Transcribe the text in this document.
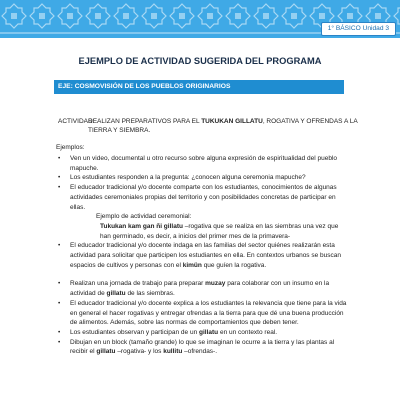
1° BÁSICO Unidad 3
EJEMPLO DE ACTIVIDAD SUGERIDA DEL PROGRAMA
EJE: COSMOVISIÓN DE LOS PUEBLOS ORIGINARIOS
ACTIVIDAD:
REALIZAN PREPARATIVOS PARA EL TUKUKAN GILLATU, ROGATIVA Y OFRENDAS A LA TIERRA Y SIEMBRA.
Ejemplos:
• Ven un video, documental u otro recurso sobre alguna expresión de espiritualidad del pueblo mapuche.
• Los estudiantes responden a la pregunta: ¿conocen alguna ceremonia mapuche?
• El educador tradicional y/o docente comparte con los estudiantes, conocimientos de algunas actividades ceremoniales propias del territorio y con posibilidades concretas de participar en ellas.
Ejemplo de actividad ceremonial:
Tukukan kam gan ñi gillatu –rogativa que se realiza en las siembras una vez que han germinado, es decir, a inicios del primer mes de la primavera-
• El educador tradicional y/o docente indaga en las familias del sector quiénes realizarán esta actividad para solicitar que participen los estudiantes en ella. En contextos urbanos se buscan espacios de cultivos y personas con el kimün que guíen la rogativa.
• Realizan una jornada de trabajo para preparar muzay para colaborar con un insumo en la actividad de gillatu de las siembras.
• El educador tradicional y/o docente explica a los estudiantes la relevancia que tiene para la vida en general el hacer rogativas y entregar ofrendas a la tierra para que dé una buena producción de alimentos. Además, sobre las normas de comportamientos que deben tener.
• Los estudiantes observan y participan de un gillatu en un contexto real.
• Dibujan en un block (tamaño grande) lo que se imaginan le ocurre a la tierra y las plantas al recibir el gillatu –rogativa- y los kullitu –ofrendas-.
